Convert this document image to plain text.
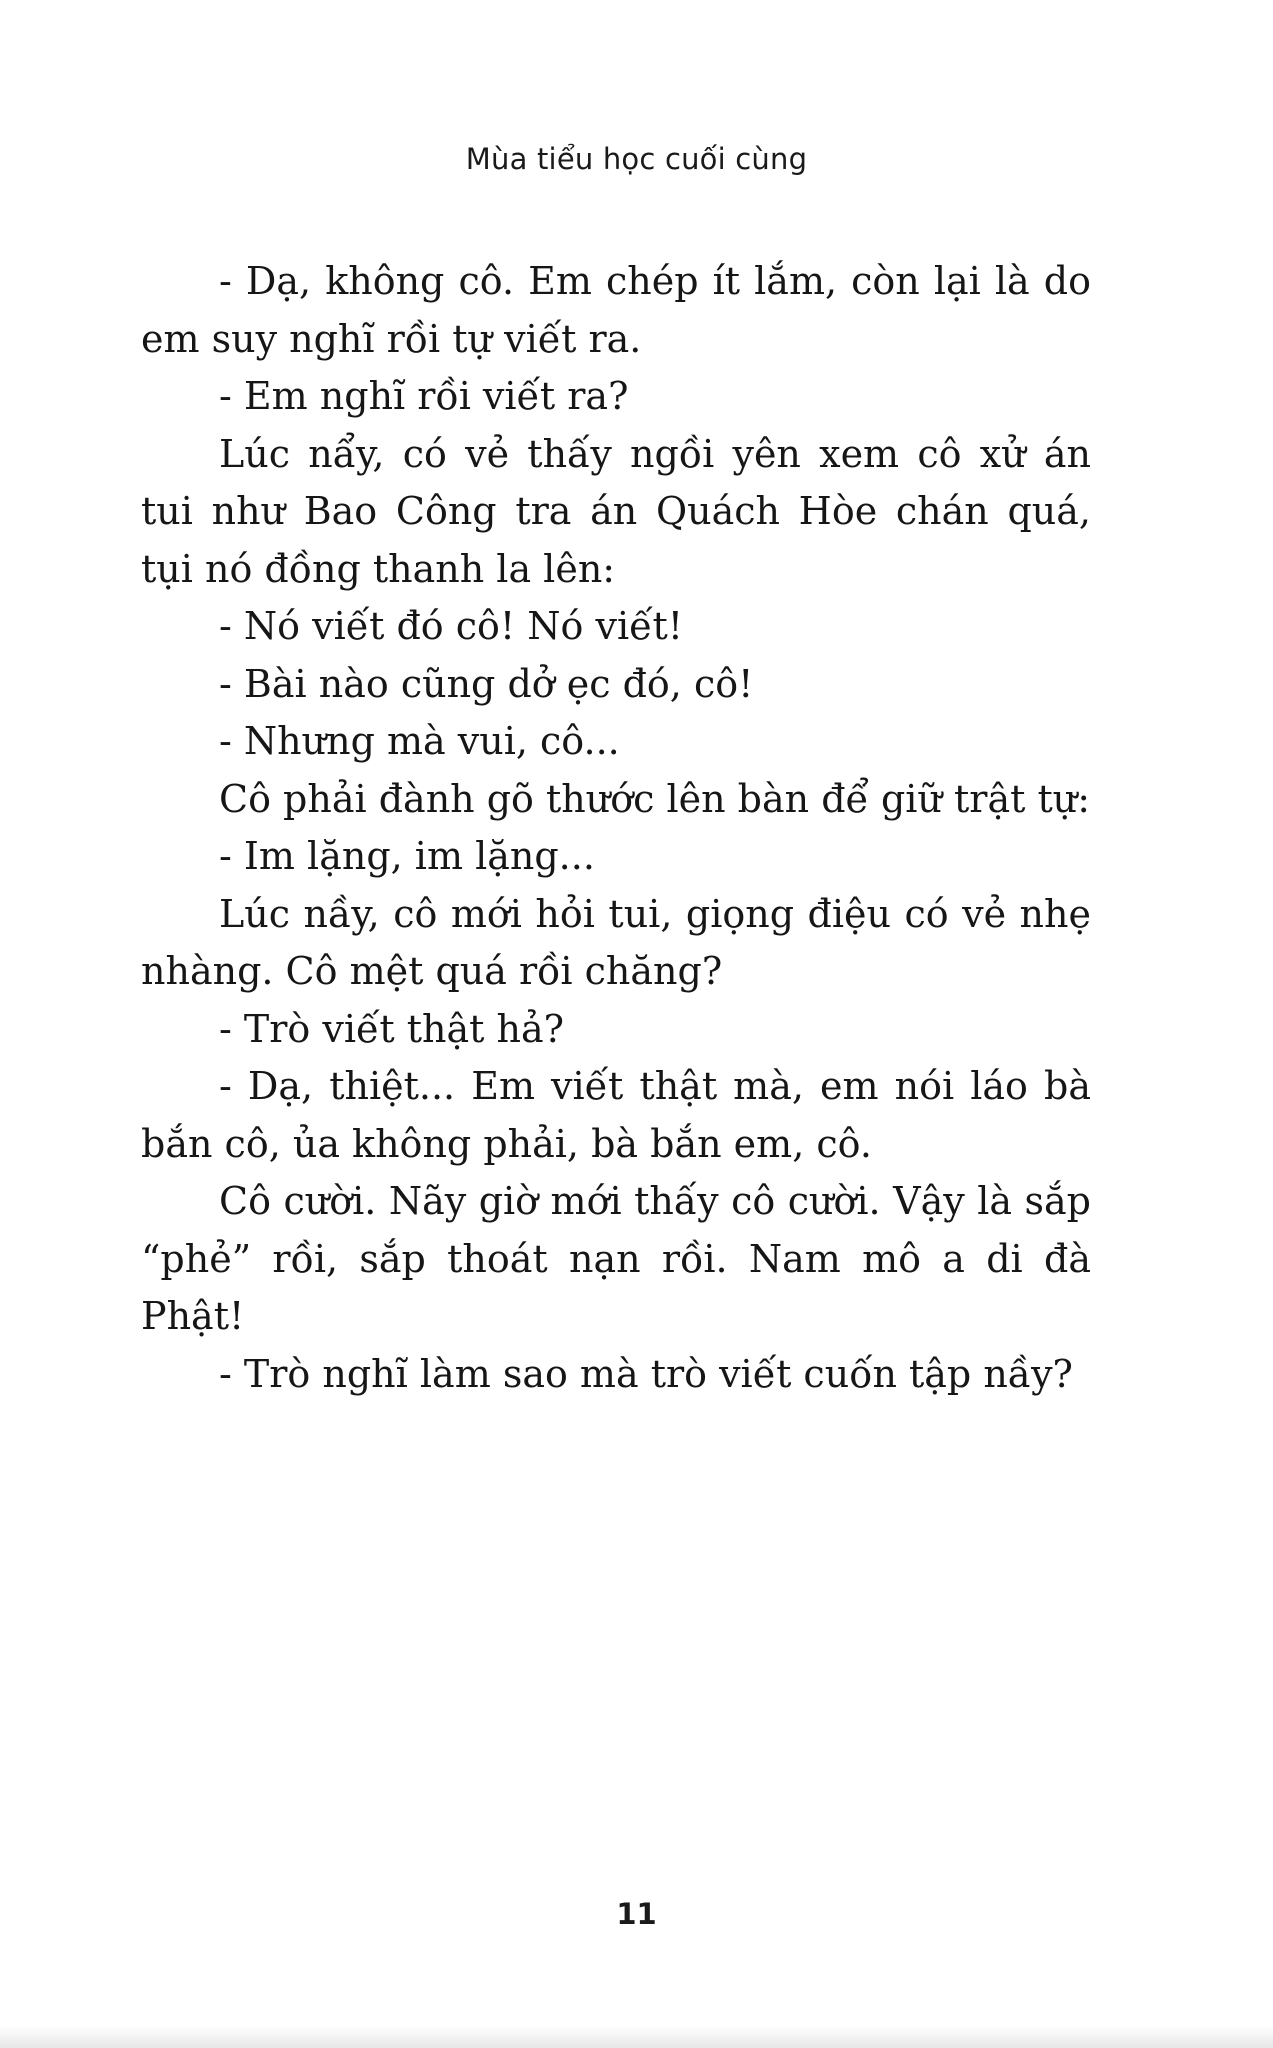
Mùa tiểu học cuối cùng

- Dạ, không cô. Em chép ít lắm, còn lại là do em suy nghĩ rồi tự viết ra.

- Em nghĩ rồi viết ra?

Lúc nẩy, có vẻ thấy ngồi yên xem cô xử án tui như Bao Công tra án Quách Hòe chán quá, tụi nó đồng thanh la lên:

- Nó viết đó cô! Nó viết!

- Bài nào cũng dở ẹc đó, cô!

- Nhưng mà vui, cô...

Cô phải đành gõ thước lên bàn để giữ trật tự:

- Im lặng, im lặng...

Lúc nầy, cô mới hỏi tui, giọng điệu có vẻ nhẹ nhàng. Cô mệt quá rồi chăng?

- Trò viết thật hả?

- Dạ, thiệt... Em viết thật mà, em nói láo bà bắn cô, ủa không phải, bà bắn em, cô.

Cô cười. Nãy giờ mới thấy cô cười. Vậy là sắp “phẻ” rồi, sắp thoát nạn rồi. Nam mô a di đà Phật!

- Trò nghĩ làm sao mà trò viết cuốn tập nầy?

11
